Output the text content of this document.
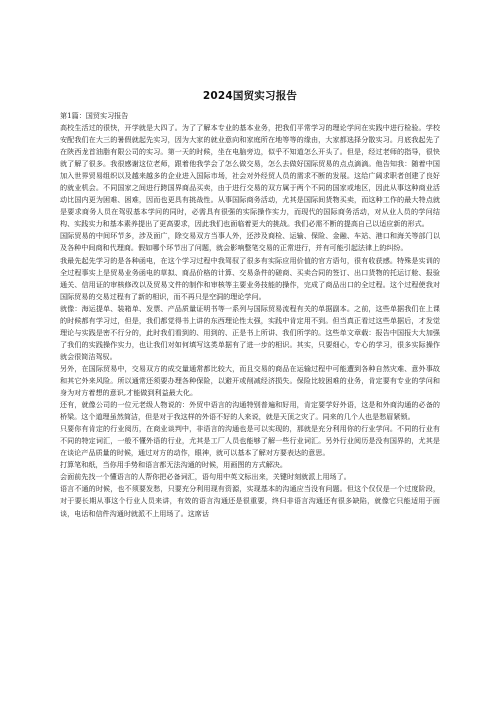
2024国贸实习报告
第1篇：国贸实习报告
高校生活过的很快，开学就是大四了。为了了解本专业的基本业务，把我们平常学习的理论学问在实践中进行检验。学校安配我们在大三的暑假就起先实习，因为大家的就业意向和家庭所在地等等的缘由，大家都选择分散实习。月底我起先了在陕西龙首油脂有限公司的实习。第一天的时候，坐在电脑旁边，似乎不知道怎么开头了。但是，经过老师的指导，很快就了解了很多。我很感谢这位老师，跟着他我学会了怎么做交易，怎么去做好国际贸易的点点滴滴。他告知我：随着中国加入世界贸易组织以及越来越多的企业进入国际市场，社会对外经贸人员的需求不断的发展。这给广阔求职者创建了良好的就业机会。不同国家之间进行跨国界商品买卖，由于进行交易的双方属于两个不同的国家或地区，因此从事这种商业活动比国内更为困难、困难，因而也更具有挑战性。从事国际商务活动，尤其是国际间货物买卖，而这种工作的最大特点就是要求商务人员在驾驭基本学问的同时，必需具有很强的实际操作实力，而现代的国际商务活动，对从业人员的学问结构、实践实力和基本素养提出了更高要求，因此我们也面临着更大的挑战。我们必需不断的提高自己以适应新的形式。
国际贸易的中间环节多，涉及面广，除交易双方当事人外，还涉及商检、运输、保险、金融、车站、港口和海关等部门以及各种中间商和代理商。假如哪个环节出了问题，就会影响整笔交易的正常进行，并有可能引起法律上的纠纷。
我最先起先学习的是各种函电，在这个学习过程中我驾驭了很多有实际应用价值的官方语句，很有收获感。特殊是实训的全过程事实上是贸易业务函电的草拟、商品价格的计算、交易条件的磋商、买卖合同的签订、出口货物的托运订舱、报验通关、信用证的审核修改以及贸易文件的制作和审核等主要业务技能的操作，完成了商品出口的全过程。这个过程使我对国际贸易的交易过程有了新的相识，而不再只是空洞的理论学问。
就像：海运提单、装箱单、发票、产品质量证明书等一系列与国际贸易流程有关的单据副本。之前，这些单据我们在上课的时候都有学习过，但是，我们都觉得书上讲的东西理论性太强，实践中肯定用不到。但当真正看过这些单据后，才发觉理论与实践是密不行分的，此时我们看到的、用到的、正是书上所讲、我们所学的。这些单文章载：报告中国报大大加强了我们的实践操作实力，也让我们对如何填写这类单据有了进一步的相识。其实，只要细心，专心的学习，很多实际操作就会很简洁驾驭。
另外，在国际贸易中，交易双方的成交量通常都比较大，而且交易的商品在运输过程中可能遭到各种自然灾难、意外事故和其它外来风险。所以通常还须要办理各种保险，以避开或削减经济损失。保险比较困难的业务，肯定要有专业的学问和身为对方着想的意识,才能做到利益最大化。
还有，就像公司的一位元老级人物说的：外贸中语言的沟通特别普遍和好用，肯定要学好外语，这是和外商沟通的必备的桥梁。这个道理虽然简洁，但是对于我这样的外语不好的人来说，就是天顶之灾了。同来的几个人也是愁眉紧锁。
只要你有肯定的行业阅历，在商业谈判中，非语言的沟通也是可以实现的，那就是充分利用你的行业学问。不同的行业有不同的特定词汇，一般不懂外语的行业，尤其是工厂人员也能够了解一些行业词汇。另外行业阅历是没有国界的，尤其是在谈论产品质量的时候，通过对方的动作，眼神，就可以基本了解对方要表达的意思。
打算笔和纸，当你用手势和语言都无法沟通的时候，用画图的方式解决。
会面前先找一个懂语言的人帮你把必备词汇，语句用中英文标出来，关键时刻就派上用场了。
语言不通的时候，也不须要发愁，只要充分利用现有资源，实现基本的沟通应当没有问题。但这个仅仅是一个过度阶段，对于要长期从事这个行业人员来讲，有效的语言沟通还是很重要，终归非语言沟通还有很多缺陷，就像它只能适用于面谈，电话和信件沟通时就派不上用场了。这席话
